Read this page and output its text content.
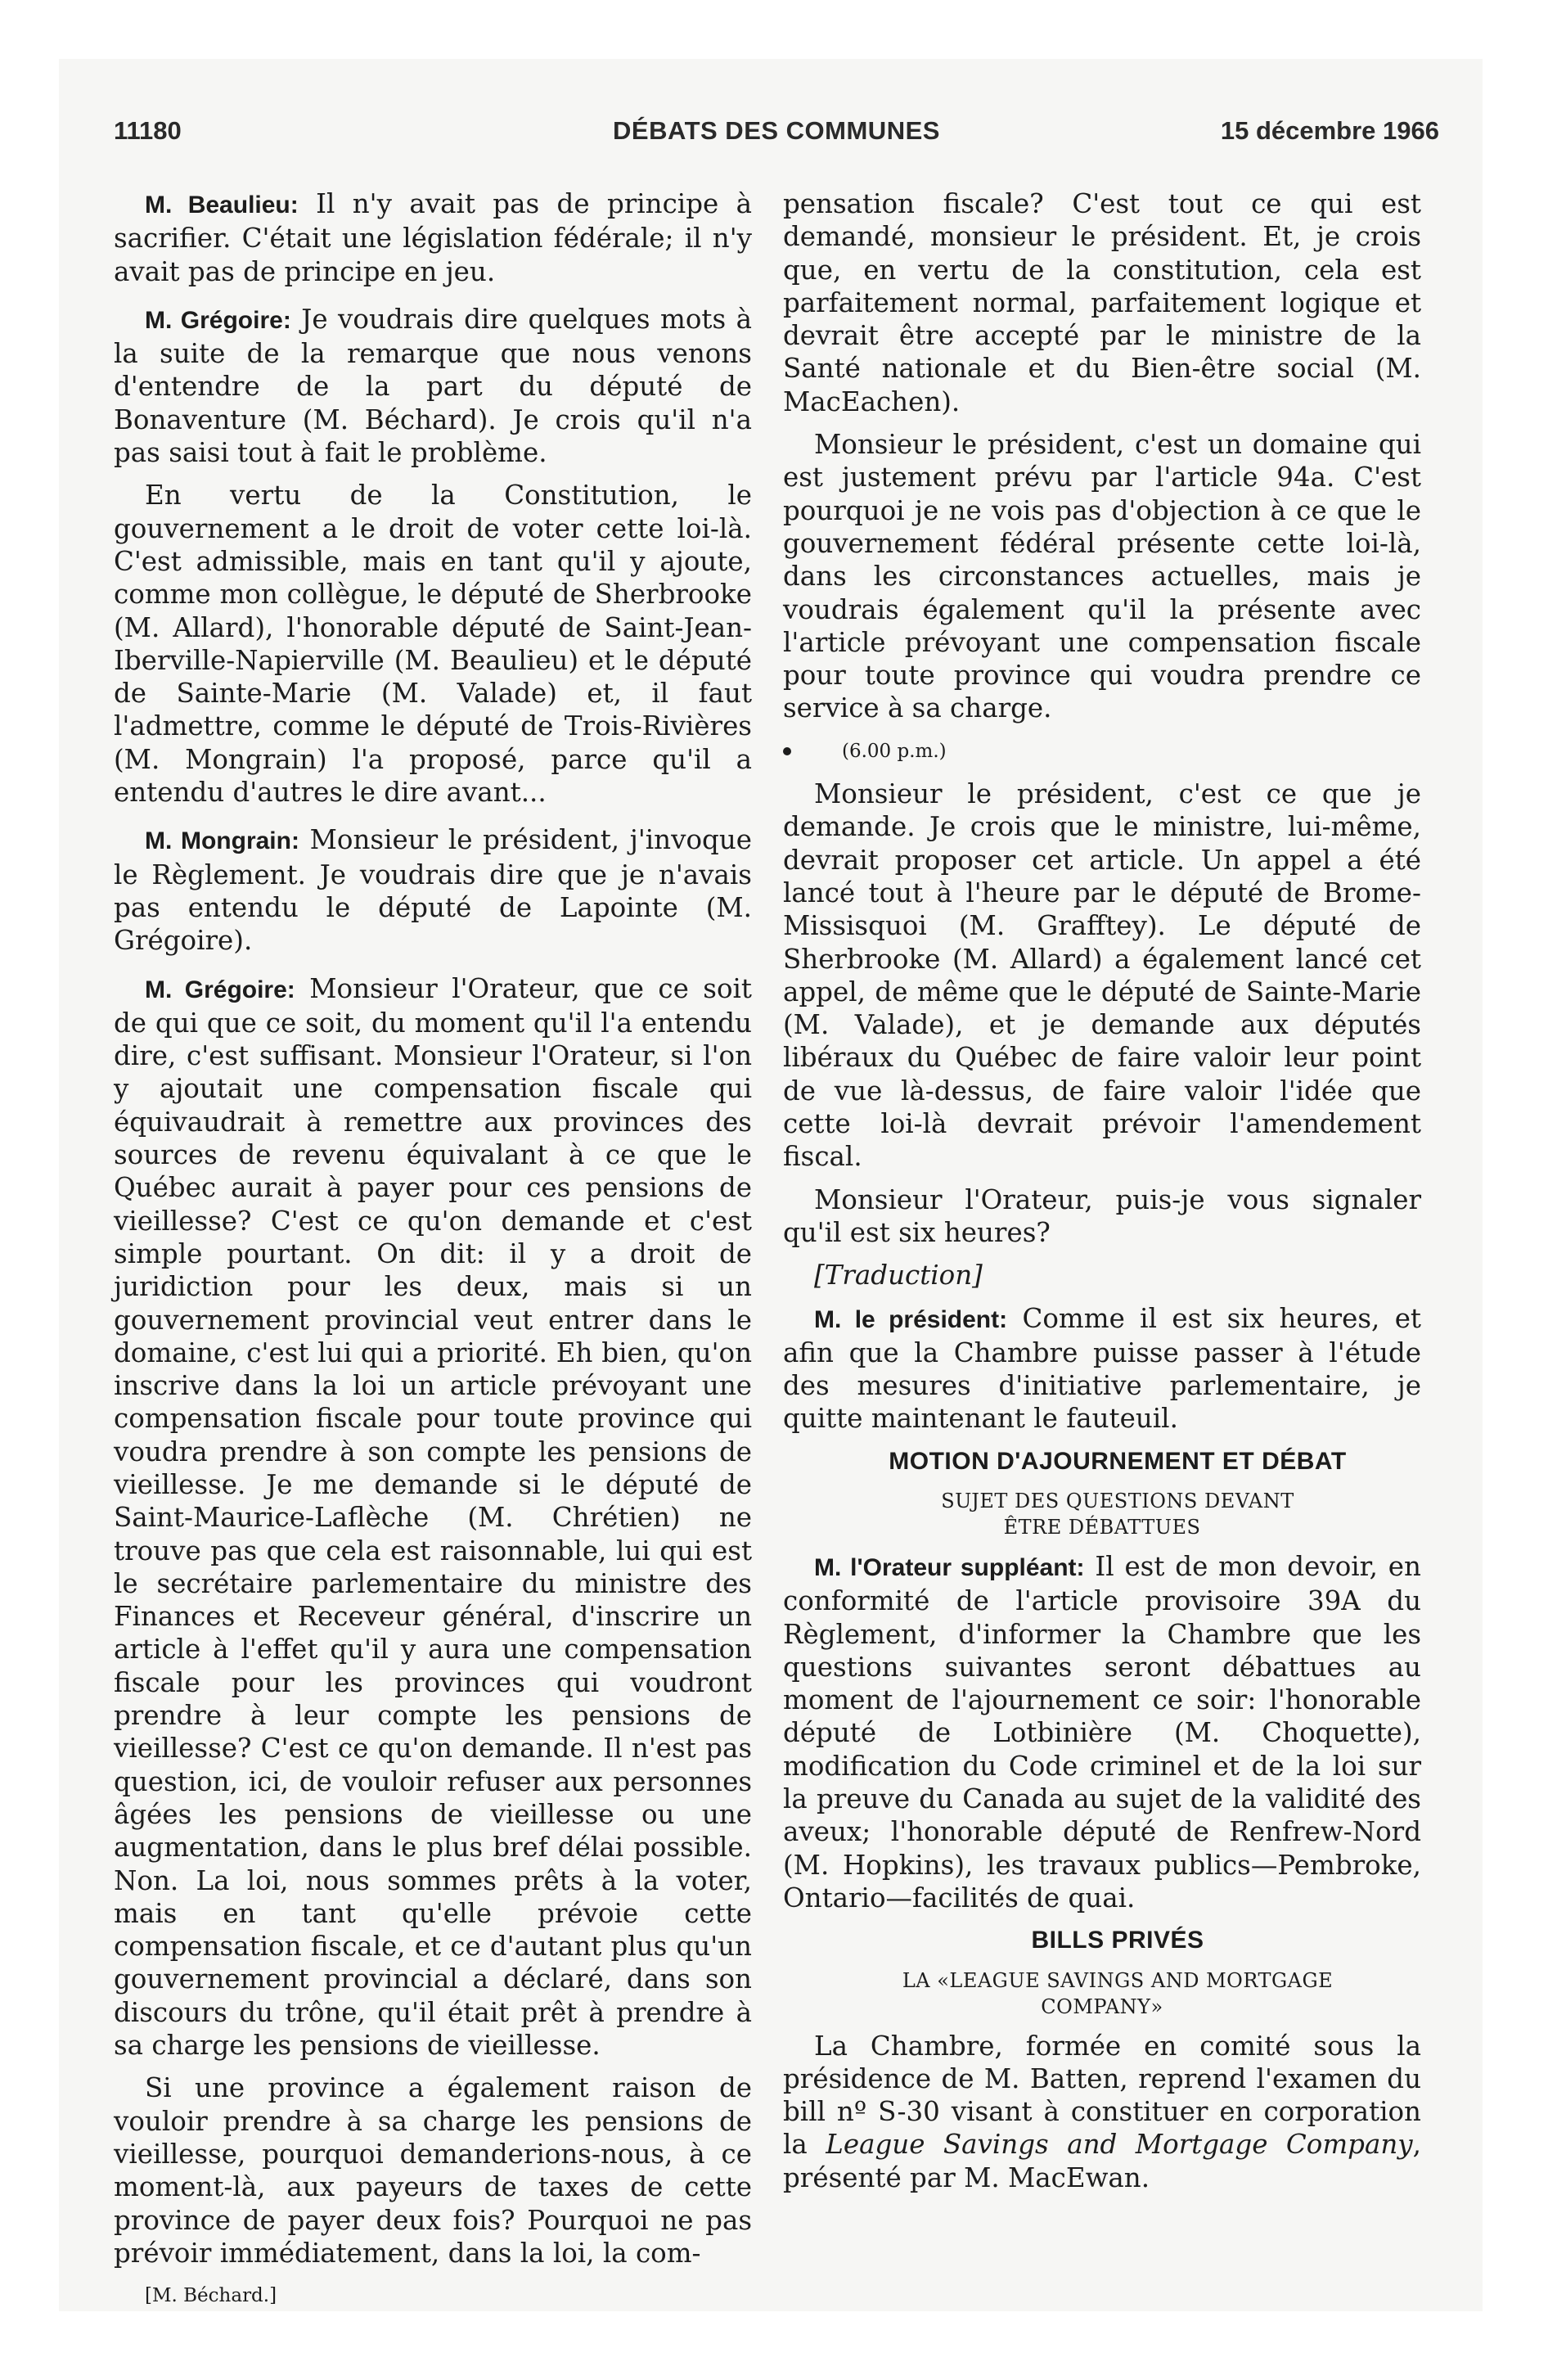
DÉBATS DES COMMUNES
11180	15 décembre 1966

M. Beaulieu: Il n'y avait pas de principe à sacrifier. C'était une législation fédérale; il n'y avait pas de principe en jeu.

M. Grégoire: Je voudrais dire quelques mots à la suite de la remarque que nous venons d'entendre de la part du député de Bonaventure (M. Béchard). Je crois qu'il n'a pas saisi tout à fait le problème.

En vertu de la Constitution, le gouvernement a le droit de voter cette loi-là. C'est admissible, mais en tant qu'il y ajoute, comme mon collègue, le député de Sherbrooke (M. Allard), l'honorable député de Saint-Jean-Iberville-Napierville (M. Beaulieu) et le député de Sainte-Marie (M. Valade) et, il faut l'admettre, comme le député de Trois-Rivières (M. Mongrain) l'a proposé, parce qu'il a entendu d'autres le dire avant...

M. Mongrain: Monsieur le président, j'invoque le Règlement. Je voudrais dire que je n'avais pas entendu le député de Lapointe (M. Grégoire).

M. Grégoire: Monsieur l'Orateur, que ce soit de qui que ce soit, du moment qu'il l'a entendu dire, c'est suffisant. Monsieur l'Orateur, si l'on y ajoutait une compensation fiscale qui équivaudrait à remettre aux provinces des sources de revenu équivalant à ce que le Québec aurait à payer pour ces pensions de vieillesse? C'est ce qu'on demande et c'est simple pourtant. On dit: il y a droit de juridiction pour les deux, mais si un gouvernement provincial veut entrer dans le domaine, c'est lui qui a priorité. Eh bien, qu'on inscrive dans la loi un article prévoyant une compensation fiscale pour toute province qui voudra prendre à son compte les pensions de vieillesse. Je me demande si le député de Saint-Maurice-Laflèche (M. Chrétien) ne trouve pas que cela est raisonnable, lui qui est le secrétaire parlementaire du ministre des Finances et Receveur général, d'inscrire un article à l'effet qu'il y aura une compensation fiscale pour les provinces qui voudront prendre à leur compte les pensions de vieillesse? C'est ce qu'on demande. Il n'est pas question, ici, de vouloir refuser aux personnes âgées les pensions de vieillesse ou une augmentation, dans le plus bref délai possible. Non. La loi, nous sommes prêts à la voter, mais en tant qu'elle prévoie cette compensation fiscale, et ce d'autant plus qu'un gouvernement provincial a déclaré, dans son discours du trône, qu'il était prêt à prendre à sa charge les pensions de vieillesse.

Si une province a également raison de vouloir prendre à sa charge les pensions de vieillesse, pourquoi demanderions-nous, à ce moment-là, aux payeurs de taxes de cette province de payer deux fois? Pourquoi ne pas prévoir immédiatement, dans la loi, la com-

[M. Béchard.]

pensation fiscale? C'est tout ce qui est demandé, monsieur le président. Et, je crois que, en vertu de la constitution, cela est parfaitement normal, parfaitement logique et devrait être accepté par le ministre de la Santé nationale et du Bien-être social (M. MacEachen).

Monsieur le président, c'est un domaine qui est justement prévu par l'article 94a. C'est pourquoi je ne vois pas d'objection à ce que le gouvernement fédéral présente cette loi-là, dans les circonstances actuelles, mais je voudrais également qu'il la présente avec l'article prévoyant une compensation fiscale pour toute province qui voudra prendre ce service à sa charge.

(6.00 p.m.)

Monsieur le président, c'est ce que je demande. Je crois que le ministre, lui-même, devrait proposer cet article. Un appel a été lancé tout à l'heure par le député de Brome-Missisquoi (M. Grafftey). Le député de Sherbrooke (M. Allard) a également lancé cet appel, de même que le député de Sainte-Marie (M. Valade), et je demande aux députés libéraux du Québec de faire valoir leur point de vue là-dessus, de faire valoir l'idée que cette loi-là devrait prévoir l'amendement fiscal.

Monsieur l'Orateur, puis-je vous signaler qu'il est six heures?

[Traduction]

M. le président: Comme il est six heures, et afin que la Chambre puisse passer à l'étude des mesures d'initiative parlementaire, je quitte maintenant le fauteuil.

MOTION D'AJOURNEMENT ET DÉBAT

SUJET DES QUESTIONS DEVANT
ÊTRE DÉBATTUES

M. l'Orateur suppléant: Il est de mon devoir, en conformité de l'article provisoire 39A du Règlement, d'informer la Chambre que les questions suivantes seront débattues au moment de l'ajournement ce soir: l'honorable député de Lotbinière (M. Choquette), modification du Code criminel et de la loi sur la preuve du Canada au sujet de la validité des aveux; l'honorable député de Renfrew-Nord (M. Hopkins), les travaux publics—Pembroke, Ontario—facilités de quai.

BILLS PRIVÉS

LA «LEAGUE SAVINGS AND MORTGAGE
COMPANY»

La Chambre, formée en comité sous la présidence de M. Batten, reprend l'examen du bill nº S-30 visant à constituer en corporation la League Savings and Mortgage Company, présenté par M. MacEwan.
